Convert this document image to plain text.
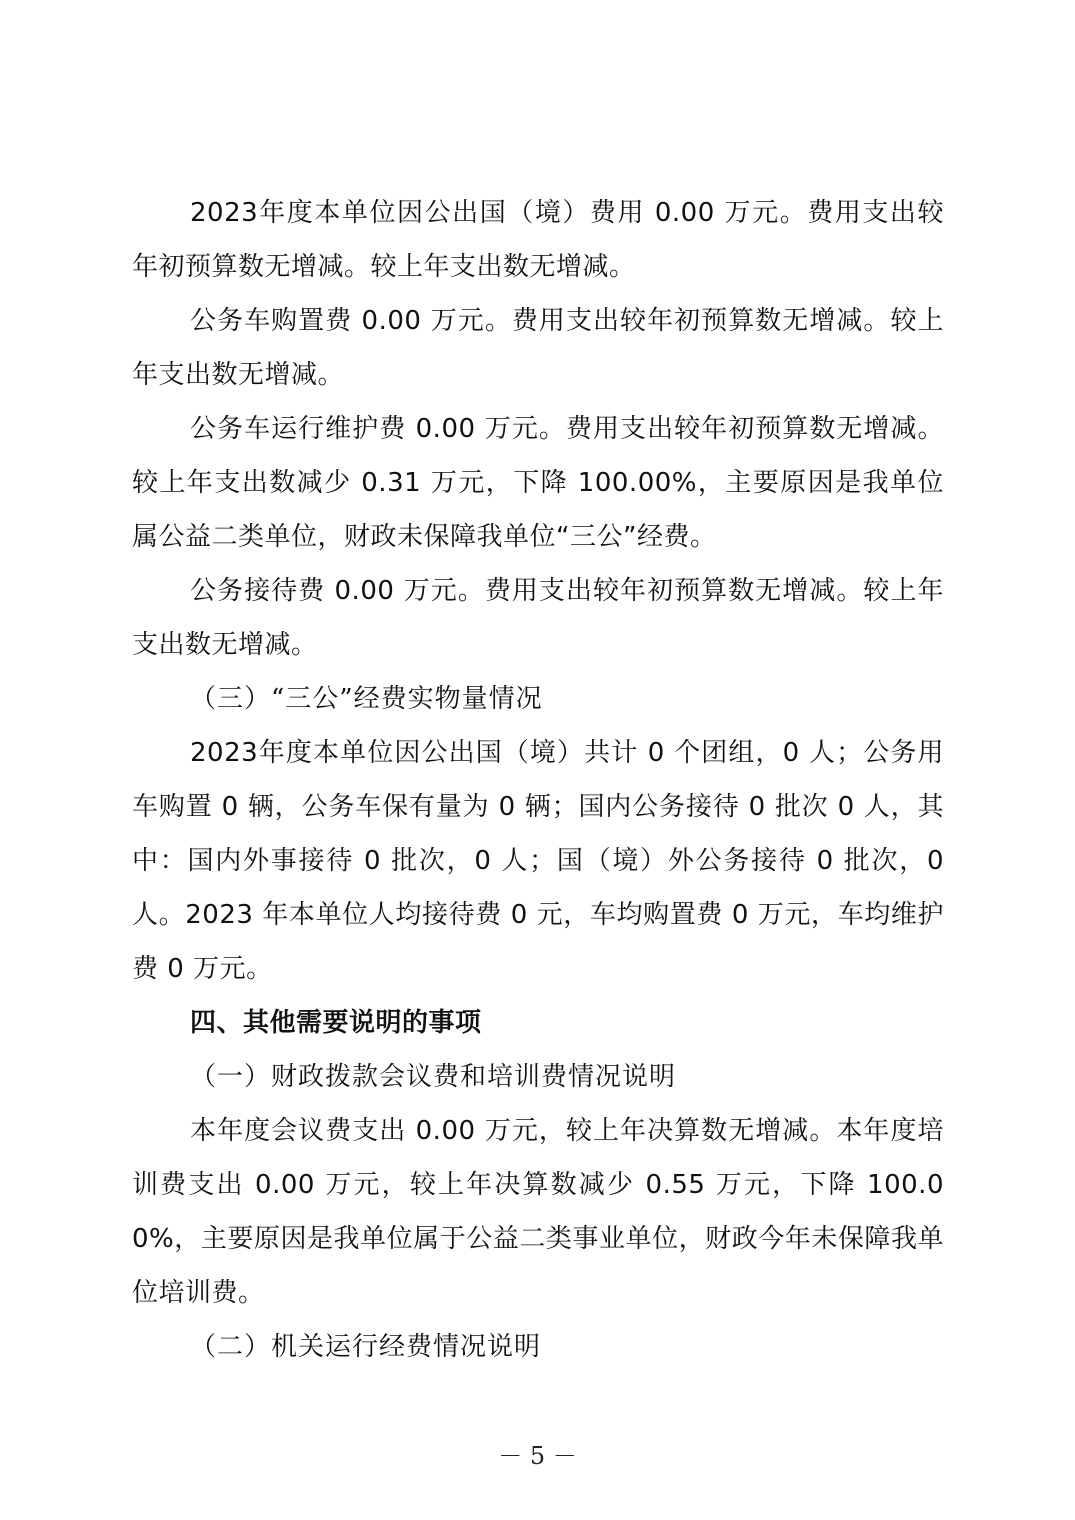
2023年度本单位因公出国（境）费用 0.00 万元。费用支出较年初预算数无增减。较上年支出数无增减。

公务车购置费 0.00 万元。费用支出较年初预算数无增减。较上年支出数无增减。

公务车运行维护费 0.00 万元。费用支出较年初预算数无增减。较上年支出数减少 0.31 万元，下降 100.00%，主要原因是我单位属公益二类单位，财政未保障我单位“三公”经费。

公务接待费 0.00 万元。费用支出较年初预算数无增减。较上年支出数无增减。

（三）“三公”经费实物量情况

2023年度本单位因公出国（境）共计 0 个团组，0 人；公务用车购置 0 辆，公务车保有量为 0 辆；国内公务接待 0 批次 0 人，其中：国内外事接待 0 批次，0 人；国（境）外公务接待 0 批次，0 人。2023 年本单位人均接待费 0 元，车均购置费 0 万元，车均维护费 0 万元。

四、其他需要说明的事项

（一）财政拨款会议费和培训费情况说明

本年度会议费支出 0.00 万元，较上年决算数无增减。本年度培训费支出 0.00 万元，较上年决算数减少 0.55 万元，下降 100.00%，主要原因是我单位属于公益二类事业单位，财政今年未保障我单位培训费。

（二）机关运行经费情况说明

－ 5 －
